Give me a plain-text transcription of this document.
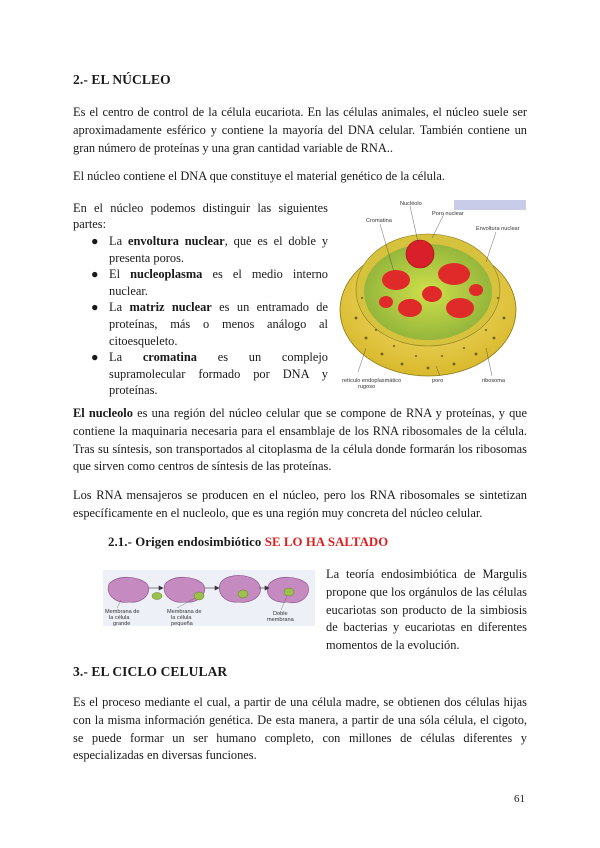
2.- EL NÚCLEO
Es el centro de control de la célula eucariota. En las células animales, el núcleo suele ser aproximadamente esférico y contiene la mayoría del DNA celular. También contiene un gran número de proteínas y una gran cantidad variable de RNA..
El núcleo contiene el DNA que constituye el material genético de la célula.
En el núcleo podemos distinguir las siguientes partes:
● La envoltura nuclear, que es el doble y presenta poros.
● El nucleoplasma es el medio interno nuclear.
● La matriz nuclear es un entramado de proteínas, más o menos análogo al citoesqueleto.
● La cromatina es un complejo supramolecular formado por DNA y proteínas.
Nucléolo
Poro nuclear
Cromatina
Envoltura nuclear
retículo endoplasmático
rugoso
poro	ribosoma
El nucleolo es una región del núcleo celular que se compone de RNA y proteínas, y que contiene la maquinaria necesaria para el ensamblaje de los RNA ribosomales de la célula. Tras su síntesis, son transportados al citoplasma de la célula donde formarán los ribosomas que sirven como centros de síntesis de las proteínas.
Los RNA mensajeros se producen en el núcleo, pero los RNA ribosomales se sintetizan específicamente en el nucleolo, que es una región muy concreta del núcleo celular.
2.1.- Origen endosimbiótico SE LO HA SALTADO
Membrana de
la célula
grande
Membrana de
la célula
pequeña
Doble
membrana
La teoría endosimbiótica de Margulis propone que los orgánulos de las células eucariotas son producto de la simbiosis de bacterias y eucariotas en diferentes momentos de la evolución.
3.- EL CICLO CELULAR
Es el proceso mediante el cual, a partir de una célula madre, se obtienen dos células hijas con la misma información genética. De esta manera, a partir de una sóla célula, el cigoto, se puede formar un ser humano completo, con millones de células diferentes y especializadas en diversas funciones.
61
